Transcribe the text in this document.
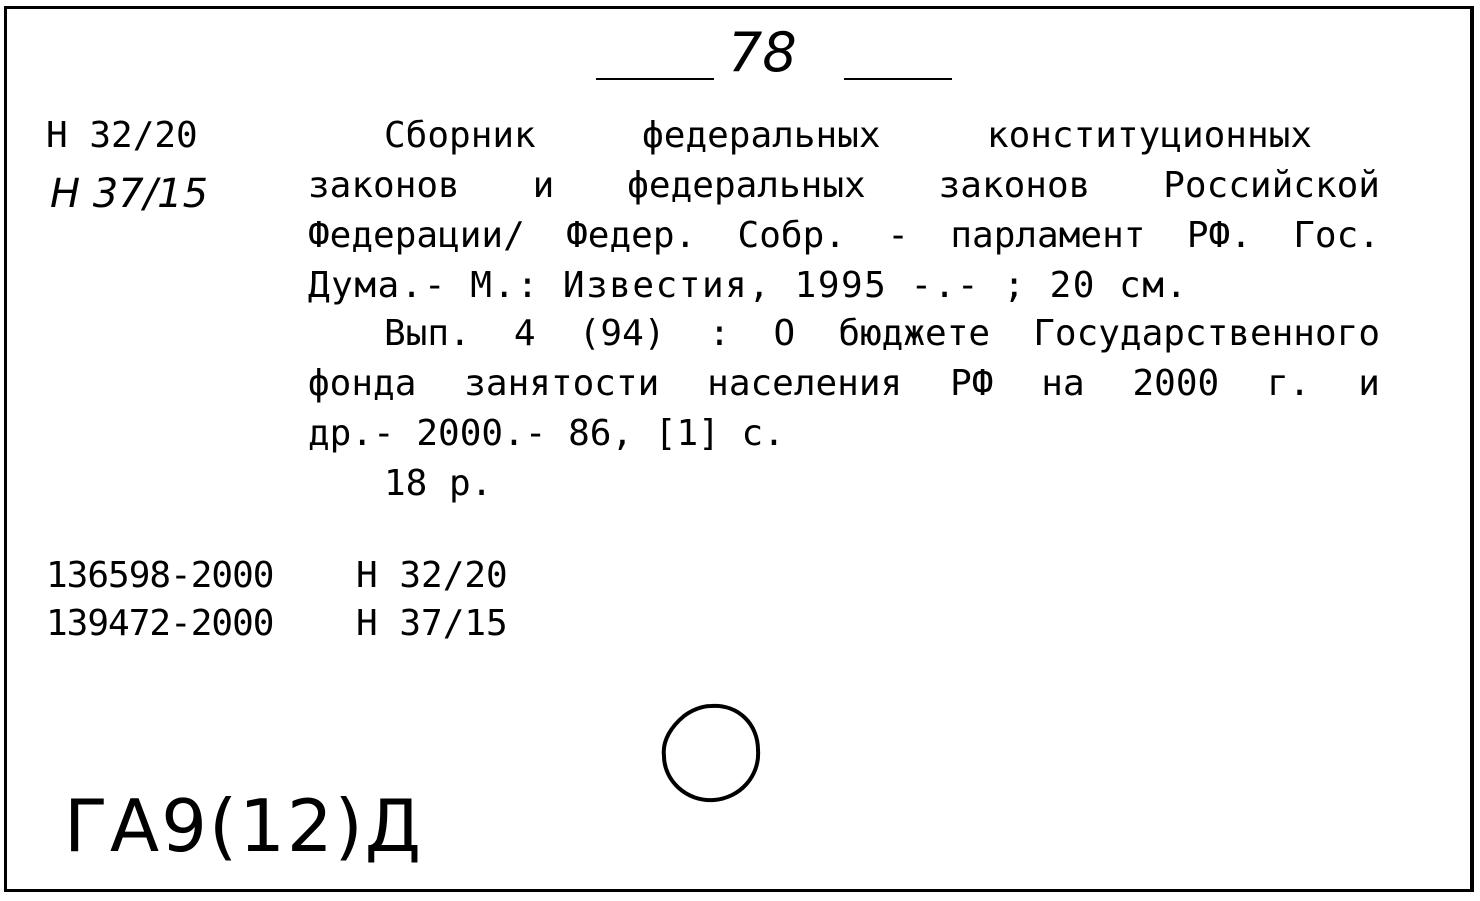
78
Н 32/20
Н 37/15
Сборник	федеральных	конституционных
законов и федеральных законов Российской
Федерации/ Федер. Собр. - парламент РФ. Гос.
Дума.- М.: Известия, 1995 -.- ; 20 см.
Вып. 4 (94) : О бюджете Государственного
фонда занятости населения РФ на 2000 г. и
др.- 2000.- 86, [1] с.
18 р.
136598-2000 Н 32/20
139472-2000 Н 37/15
ГА9(12)Д
